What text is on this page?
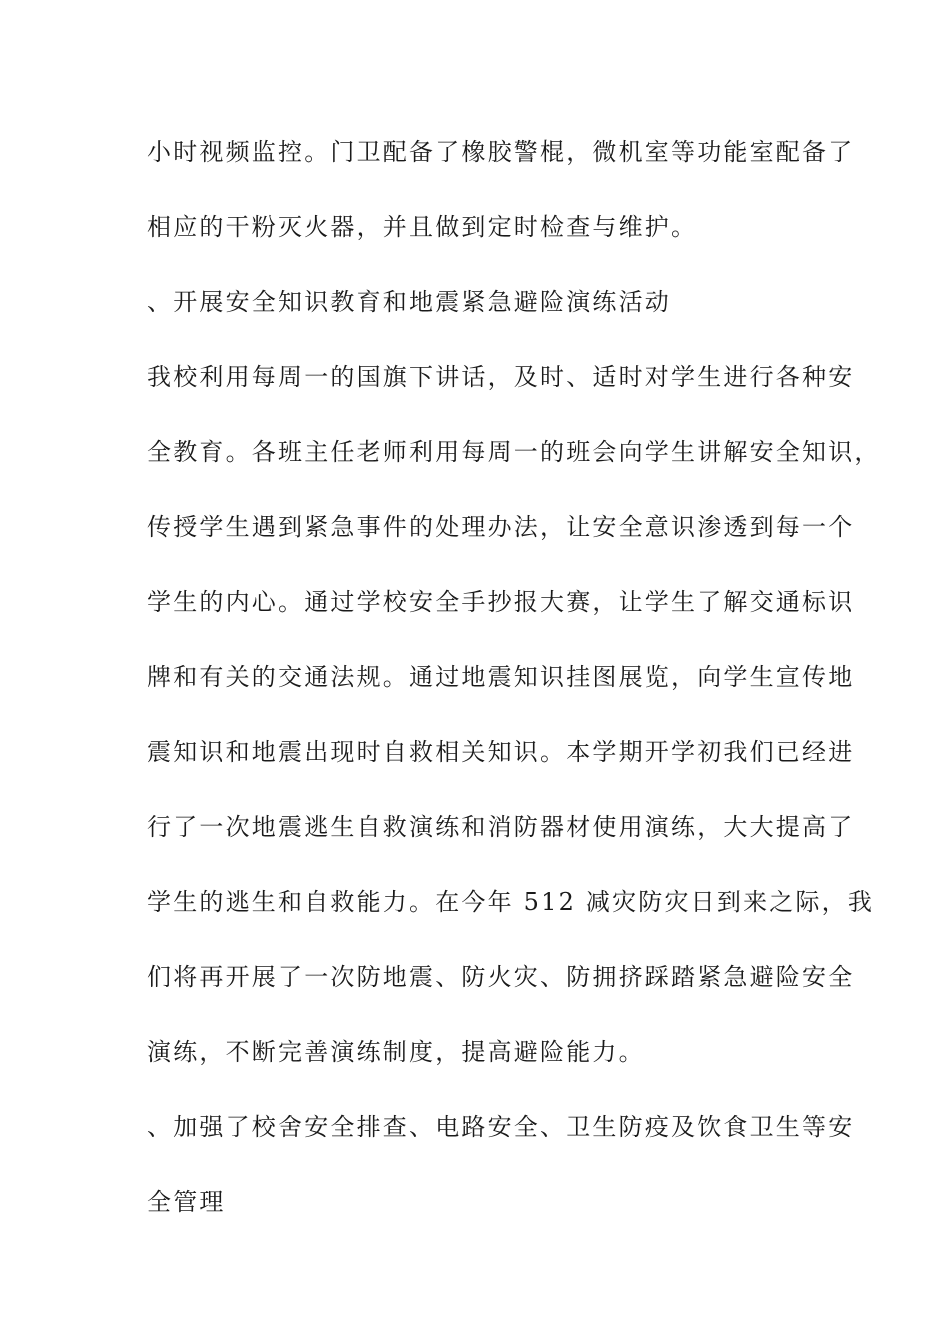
小时视频监控。门卫配备了橡胶警棍，微机室等功能室配备了
相应的干粉灭火器，并且做到定时检查与维护。
、开展安全知识教育和地震紧急避险演练活动
我校利用每周一的国旗下讲话，及时、适时对学生进行各种安
全教育。各班主任老师利用每周一的班会向学生讲解安全知识，
传授学生遇到紧急事件的处理办法，让安全意识渗透到每一个
学生的内心。通过学校安全手抄报大赛，让学生了解交通标识
牌和有关的交通法规。通过地震知识挂图展览，向学生宣传地
震知识和地震出现时自救相关知识。本学期开学初我们已经进
行了一次地震逃生自救演练和消防器材使用演练，大大提高了
学生的逃生和自救能力。在今年 512 减灾防灾日到来之际，我
们将再开展了一次防地震、防火灾、防拥挤踩踏紧急避险安全
演练，不断完善演练制度，提高避险能力。
、加强了校舍安全排查、电路安全、卫生防疫及饮食卫生等安
全管理
